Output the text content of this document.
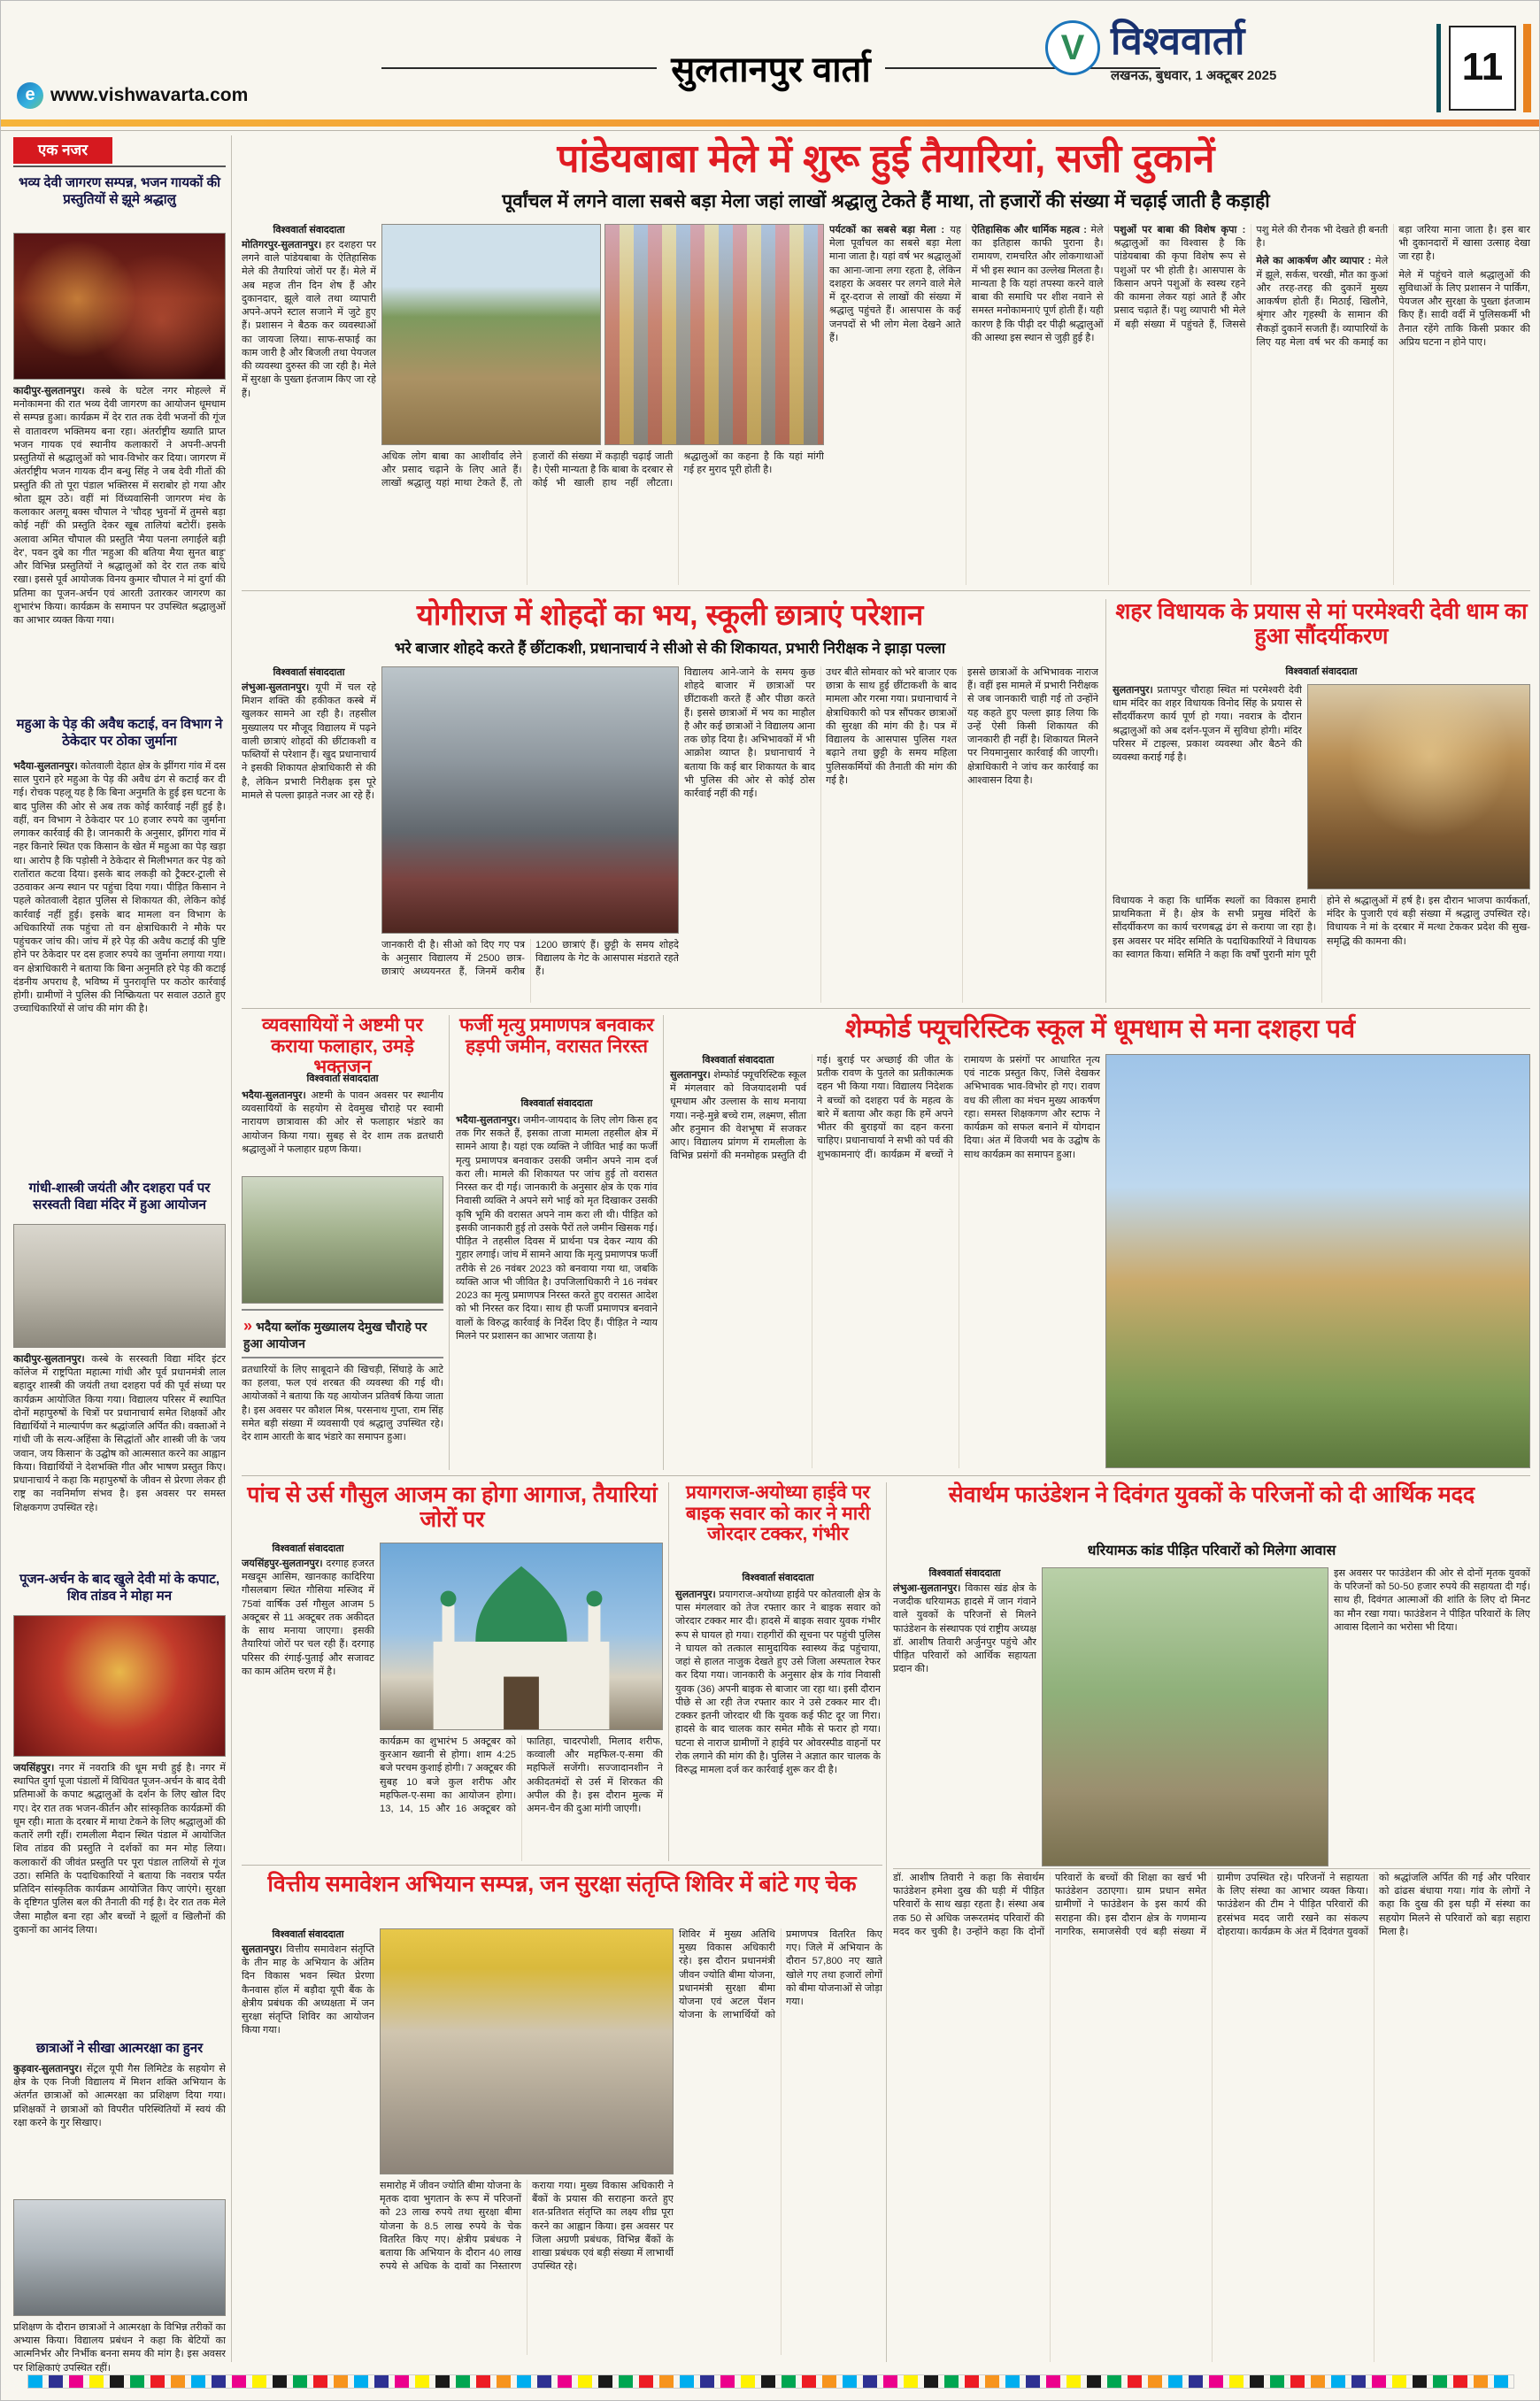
e www.vishwavarta.com
सुलतानपुर वार्ता
V विश्ववार्ता
लखनऊ, बुधवार, 1 अक्टूबर 2025	11
एक नजर
भव्य देवी जागरण सम्पन्न, भजन गायकों की प्रस्तुतियों से झूमे श्रद्धालु

कादीपुर-सुलतानपुर। कस्बे के घटेल नगर मोहल्ले में मनोकामना की रात भव्य देवी जागरण का आयोजन धूमधाम से सम्पन्न हुआ। कार्यक्रम में देर रात तक देवी भजनों की गूंज से वातावरण भक्तिमय बना रहा। अंतर्राष्ट्रीय ख्याति प्राप्त भजन गायक एवं स्थानीय कलाकारों ने अपनी-अपनी प्रस्तुतियों से श्रद्धालुओं को भाव-विभोर कर दिया। जागरण में अंतर्राष्ट्रीय भजन गायक दीन बन्धु सिंह ने जब देवी गीतों की प्रस्तुति की तो पूरा पंडाल भक्तिरस में सराबोर हो गया और श्रोता झूम उठे। वहीं मां विंध्यवासिनी जागरण मंच के कलाकार अलगू बक्स चौपाल ने 'चौदह भुवनों में तुमसे बड़ा कोई नहीं' की प्रस्तुति देकर खूब तालियां बटोरीं। इसके अलावा अमित चौपाल की प्रस्तुति 'मैया पलना लगाईले बड़ी देर', पवन दुबे का गीत 'महुआ की बतिया मैया सुनत बाड़ू' और विभिन्न प्रस्तुतियों ने श्रद्धालुओं को देर रात तक बांधे रखा। इससे पूर्व आयोजक विनय कुमार चौपाल ने मां दुर्गा की प्रतिमा का पूजन-अर्चन एवं आरती उतारकर जागरण का शुभारंभ किया। कार्यक्रम के समापन पर उपस्थित श्रद्धालुओं का आभार व्यक्त किया गया।

महुआ के पेड़ की अवैध कटाई, वन विभाग ने ठेकेदार पर ठोका जुर्माना

भदैया-सुलतानपुर। कोतवाली देहात क्षेत्र के झींगरा गांव में दस साल पुराने हरे महुआ के पेड़ की अवैध ढंग से कटाई कर दी गई। रोचक पहलू यह है कि बिना अनुमति के हुई इस घटना के बाद पुलिस की ओर से अब तक कोई कार्रवाई नहीं हुई है। वहीं, वन विभाग ने ठेकेदार पर 10 हजार रुपये का जुर्माना लगाकर कार्रवाई की है। जानकारी के अनुसार, झींगरा गांव में नहर किनारे स्थित एक किसान के खेत में महुआ का पेड़ खड़ा था। आरोप है कि पड़ोसी ने ठेकेदार से मिलीभगत कर पेड़ को रातोंरात कटवा दिया। इसके बाद लकड़ी को ट्रैक्टर-ट्राली से उठवाकर अन्य स्थान पर पहुंचा दिया गया। पीड़ित किसान ने पहले कोतवाली देहात पुलिस से शिकायत की, लेकिन कोई कार्रवाई नहीं हुई। इसके बाद मामला वन विभाग के अधिकारियों तक पहुंचा तो वन क्षेत्राधिकारी ने मौके पर पहुंचकर जांच की। जांच में हरे पेड़ की अवैध कटाई की पुष्टि होने पर ठेकेदार पर दस हजार रुपये का जुर्माना लगाया गया। वन क्षेत्राधिकारी ने बताया कि बिना अनुमति हरे पेड़ की कटाई दंडनीय अपराध है, भविष्य में पुनरावृत्ति पर कठोर कार्रवाई होगी। ग्रामीणों ने पुलिस की निष्क्रियता पर सवाल उठाते हुए उच्चाधिकारियों से जांच की मांग की है।

गांधी-शास्त्री जयंती और दशहरा पर्व पर सरस्वती विद्या मंदिर में हुआ आयोजन

कादीपुर-सुलतानपुर। कस्बे के सरस्वती विद्या मंदिर इंटर कॉलेज में राष्ट्रपिता महात्मा गांधी और पूर्व प्रधानमंत्री लाल बहादुर शास्त्री की जयंती तथा दशहरा पर्व की पूर्व संध्या पर कार्यक्रम आयोजित किया गया। विद्यालय परिसर में स्थापित दोनों महापुरुषों के चित्रों पर प्रधानाचार्य समेत शिक्षकों और विद्यार्थियों ने माल्यार्पण कर श्रद्धांजलि अर्पित की। वक्ताओं ने गांधी जी के सत्य-अहिंसा के सिद्धांतों और शास्त्री जी के 'जय जवान, जय किसान' के उद्घोष को आत्मसात करने का आह्वान किया। विद्यार्थियों ने देशभक्ति गीत और भाषण प्रस्तुत किए। प्रधानाचार्य ने कहा कि महापुरुषों के जीवन से प्रेरणा लेकर ही राष्ट्र का नवनिर्माण संभव है। इस अवसर पर समस्त शिक्षकगण उपस्थित रहे।

पूजन-अर्चन के बाद खुले देवी मां के कपाट, शिव तांडव ने मोहा मन

जयसिंहपुर। नगर में नवरात्रि की धूम मची हुई है। नगर में स्थापित दुर्गा पूजा पंडालों में विधिवत पूजन-अर्चन के बाद देवी प्रतिमाओं के कपाट श्रद्धालुओं के दर्शन के लिए खोल दिए गए। देर रात तक भजन-कीर्तन और सांस्कृतिक कार्यक्रमों की धूम रही। माता के दरबार में माथा टेकने के लिए श्रद्धालुओं की कतारें लगी रहीं। रामलीला मैदान स्थित पंडाल में आयोजित शिव तांडव की प्रस्तुति ने दर्शकों का मन मोह लिया। कलाकारों की जीवंत प्रस्तुति पर पूरा पंडाल तालियों से गूंज उठा। समिति के पदाधिकारियों ने बताया कि नवरात्र पर्यंत प्रतिदिन सांस्कृतिक कार्यक्रम आयोजित किए जाएंगे। सुरक्षा के दृष्टिगत पुलिस बल की तैनाती की गई है। देर रात तक मेले जैसा माहौल बना रहा और बच्चों ने झूलों व खिलौनों की दुकानों का आनंद लिया।

छात्राओं ने सीखा आत्मरक्षा का हुनर

कुड़वार-सुलतानपुर। सेंट्रल यूपी गैस लिमिटेड के सहयोग से क्षेत्र के एक निजी विद्यालय में मिशन शक्ति अभियान के अंतर्गत छात्राओं को आत्मरक्षा का प्रशिक्षण दिया गया। प्रशिक्षकों ने छात्राओं को विपरीत परिस्थितियों में स्वयं की रक्षा करने के गुर सिखाए।

प्रशिक्षण के दौरान छात्राओं ने आत्मरक्षा के विभिन्न तरीकों का अभ्यास किया। विद्यालय प्रबंधन ने कहा कि बेटियों का आत्मनिर्भर और निर्भीक बनना समय की मांग है। इस अवसर पर शिक्षिकाएं उपस्थित रहीं।

पांडेयबाबा मेले में शुरू हुई तैयारियां, सजी दुकानें
पूर्वांचल में लगने वाला सबसे बड़ा मेला जहां लाखों श्रद्धालु टेकते हैं माथा, तो हजारों की संख्या में चढ़ाई जाती है कड़ाही
विश्ववार्ता संवाददाता

मोतिगरपुर-सुलतानपुर। हर दशहरा पर लगने वाले पांडेयबाबा के ऐतिहासिक मेले की तैयारियां जोरों पर हैं। मेले में अब महज तीन दिन शेष हैं और दुकानदार, झूले वाले तथा व्यापारी अपने-अपने स्टाल सजाने में जुटे हुए हैं। प्रशासन ने बैठक कर व्यवस्थाओं का जायजा लिया। साफ-सफाई का काम जारी है और बिजली तथा पेयजल की व्यवस्था दुरुस्त की जा रही है। मेले में सुरक्षा के पुख्ता इंतजाम किए जा रहे हैं।

अधिक लोग बाबा का आशीर्वाद लेने और प्रसाद चढ़ाने के लिए आते हैं। लाखों श्रद्धालु यहां माथा टेकते हैं, तो हजारों की संख्या में कड़ाही चढ़ाई जाती है। ऐसी मान्यता है कि बाबा के दरबार से कोई भी खाली हाथ नहीं लौटता। श्रद्धालुओं का कहना है कि यहां मांगी गई हर मुराद पूरी होती है।

पर्यटकों का सबसे बड़ा मेला : यह मेला पूर्वांचल का सबसे बड़ा मेला माना जाता है। यहां वर्ष भर श्रद्धालुओं का आना-जाना लगा रहता है, लेकिन दशहरा के अवसर पर लगने वाले मेले में दूर-दराज से लाखों की संख्या में श्रद्धालु पहुंचते हैं। आसपास के कई जनपदों से भी लोग मेला देखने आते हैं।

ऐतिहासिक और धार्मिक महत्व : मेले का इतिहास काफी पुराना है। रामायण, रामचरित और लोकगाथाओं में भी इस स्थान का उल्लेख मिलता है। मान्यता है कि यहां तपस्या करने वाले बाबा की समाधि पर शीश नवाने से समस्त मनोकामनाएं पूर्ण होती हैं। यही कारण है कि पीढ़ी दर पीढ़ी श्रद्धालुओं की आस्था इस स्थान से जुड़ी हुई है।

पशुओं पर बाबा की विशेष कृपा : श्रद्धालुओं का विश्वास है कि पांडेयबाबा की कृपा विशेष रूप से पशुओं पर भी होती है। आसपास के किसान अपने पशुओं के स्वस्थ रहने की कामना लेकर यहां आते हैं और प्रसाद चढ़ाते हैं। पशु व्यापारी भी मेले में बड़ी संख्या में पहुंचते हैं, जिससे पशु मेले की रौनक भी देखते ही बनती है।

मेले का आकर्षण और व्यापार : मेले में झूले, सर्कस, चरखी, मौत का कुआं और तरह-तरह की दुकानें मुख्य आकर्षण होती हैं। मिठाई, खिलौने, श्रृंगार और गृहस्थी के सामान की सैकड़ों दुकानें सजती हैं। व्यापारियों के लिए यह मेला वर्ष भर की कमाई का बड़ा जरिया माना जाता है। इस बार भी दुकानदारों में खासा उत्साह देखा जा रहा है।

मेले में पहुंचने वाले श्रद्धालुओं की सुविधाओं के लिए प्रशासन ने पार्किंग, पेयजल और सुरक्षा के पुख्ता इंतजाम किए हैं। सादी वर्दी में पुलिसकर्मी भी तैनात रहेंगे ताकि किसी प्रकार की अप्रिय घटना न होने पाए।

योगीराज में शोहदों का भय, स्कूली छात्राएं परेशान
भरे बाजार शोहदे करते हैं छींटाकशी, प्रधानाचार्य ने सीओ से की शिकायत, प्रभारी निरीक्षक ने झाड़ा पल्ला
विश्ववार्ता संवाददाता

लंभुआ-सुलतानपुर। यूपी में चल रहे मिशन शक्ति की हकीकत कस्बे में खुलकर सामने आ रही है। तहसील मुख्यालय पर मौजूद विद्यालय में पढ़ने वाली छात्राएं शोहदों की छींटाकशी व फब्तियों से परेशान हैं। खुद प्रधानाचार्य ने इसकी शिकायत क्षेत्राधिकारी से की है, लेकिन प्रभारी निरीक्षक इस पूरे मामले से पल्ला झाड़ते नजर आ रहे हैं।

जानकारी दी है। सीओ को दिए गए पत्र के अनुसार विद्यालय में 2500 छात्र-छात्राएं अध्ययनरत हैं, जिनमें करीब 1200 छात्राएं हैं। छुट्टी के समय शोहदे विद्यालय के गेट के आसपास मंडराते रहते हैं।

विद्यालय आने-जाने के समय कुछ शोहदे बाजार में छात्राओं पर छींटाकशी करते हैं और पीछा करते हैं। इससे छात्राओं में भय का माहौल है और कई छात्राओं ने विद्यालय आना तक छोड़ दिया है। अभिभावकों में भी आक्रोश व्याप्त है। प्रधानाचार्य ने बताया कि कई बार शिकायत के बाद भी पुलिस की ओर से कोई ठोस कार्रवाई नहीं की गई।

उधर बीते सोमवार को भरे बाजार एक छात्रा के साथ हुई छींटाकशी के बाद मामला और गरमा गया। प्रधानाचार्य ने क्षेत्राधिकारी को पत्र सौंपकर छात्राओं की सुरक्षा की मांग की है। पत्र में विद्यालय के आसपास पुलिस गश्त बढ़ाने तथा छुट्टी के समय महिला पुलिसकर्मियों की तैनाती की मांग की गई है।

इससे छात्राओं के अभिभावक नाराज हैं। वहीं इस मामले में प्रभारी निरीक्षक से जब जानकारी चाही गई तो उन्होंने यह कहते हुए पल्ला झाड़ लिया कि उन्हें ऐसी किसी शिकायत की जानकारी ही नहीं है। शिकायत मिलने पर नियमानुसार कार्रवाई की जाएगी। क्षेत्राधिकारी ने जांच कर कार्रवाई का आश्वासन दिया है।

शहर विधायक के प्रयास से मां परमेश्वरी देवी धाम का हुआ सौंदर्यीकरण
विश्ववार्ता संवाददाता

सुलतानपुर। प्रतापपुर चौराहा स्थित मां परमेश्वरी देवी धाम मंदिर का शहर विधायक विनोद सिंह के प्रयास से सौंदर्यीकरण कार्य पूर्ण हो गया। नवरात्र के दौरान श्रद्धालुओं को अब दर्शन-पूजन में सुविधा होगी। मंदिर परिसर में टाइल्स, प्रकाश व्यवस्था और बैठने की व्यवस्था कराई गई है।

विधायक ने कहा कि धार्मिक स्थलों का विकास हमारी प्राथमिकता में है। क्षेत्र के सभी प्रमुख मंदिरों के सौंदर्यीकरण का कार्य चरणबद्ध ढंग से कराया जा रहा है। इस अवसर पर मंदिर समिति के पदाधिकारियों ने विधायक का स्वागत किया। समिति ने कहा कि वर्षों पुरानी मांग पूरी होने से श्रद्धालुओं में हर्ष है। इस दौरान भाजपा कार्यकर्ता, मंदिर के पुजारी एवं बड़ी संख्या में श्रद्धालु उपस्थित रहे। विधायक ने मां के दरबार में मत्था टेककर प्रदेश की सुख-समृद्धि की कामना की।

व्यवसायियों ने अष्टमी पर कराया फलाहार, उमड़े भक्तजन
विश्ववार्ता संवाददाता

भदैया-सुलतानपुर। अष्टमी के पावन अवसर पर स्थानीय व्यवसायियों के सहयोग से देवमुख चौराहे पर स्वामी नारायण छात्रावास की ओर से फलाहार भंडारे का आयोजन किया गया। सुबह से देर शाम तक व्रतधारी श्रद्धालुओं ने फलाहार ग्रहण किया।

» भदैया ब्लॉक मुख्यालय देमुख चौराहे पर हुआ आयोजन

व्रतधारियों के लिए साबूदाने की खिचड़ी, सिंघाड़े के आटे का हलवा, फल एवं शरबत की व्यवस्था की गई थी। आयोजकों ने बताया कि यह आयोजन प्रतिवर्ष किया जाता है। इस अवसर पर कौशल मिश्र, परसनाथ गुप्ता, राम सिंह समेत बड़ी संख्या में व्यवसायी एवं श्रद्धालु उपस्थित रहे। देर शाम आरती के बाद भंडारे का समापन हुआ।

फर्जी मृत्यु प्रमाणपत्र बनवाकर हड़पी जमीन, वरासत निरस्त
विश्ववार्ता संवाददाता

भदैया-सुलतानपुर। जमीन-जायदाद के लिए लोग किस हद तक गिर सकते हैं, इसका ताजा मामला तहसील क्षेत्र में सामने आया है। यहां एक व्यक्ति ने जीवित भाई का फर्जी मृत्यु प्रमाणपत्र बनवाकर उसकी जमीन अपने नाम दर्ज करा ली। मामले की शिकायत पर जांच हुई तो वरासत निरस्त कर दी गई। जानकारी के अनुसार क्षेत्र के एक गांव निवासी व्यक्ति ने अपने सगे भाई को मृत दिखाकर उसकी कृषि भूमि की वरासत अपने नाम करा ली थी। पीड़ित को इसकी जानकारी हुई तो उसके पैरों तले जमीन खिसक गई। पीड़ित ने तहसील दिवस में प्रार्थना पत्र देकर न्याय की गुहार लगाई। जांच में सामने आया कि मृत्यु प्रमाणपत्र फर्जी तरीके से 26 नवंबर 2023 को बनवाया गया था, जबकि व्यक्ति आज भी जीवित है। उपजिलाधिकारी ने 16 नवंबर 2023 का मृत्यु प्रमाणपत्र निरस्त करते हुए वरासत आदेश को भी निरस्त कर दिया। साथ ही फर्जी प्रमाणपत्र बनवाने वालों के विरुद्ध कार्रवाई के निर्देश दिए हैं। पीड़ित ने न्याय मिलने पर प्रशासन का आभार जताया है।

शेम्फोर्ड फ्यूचरिस्टिक स्कूल में धूमधाम से मना दशहरा पर्व
विश्ववार्ता संवाददाता

सुलतानपुर। शेम्फोर्ड फ्यूचरिस्टिक स्कूल में मंगलवार को विजयादशमी पर्व धूमधाम और उल्लास के साथ मनाया गया। नन्हे-मुन्ने बच्चे राम, लक्ष्मण, सीता और हनुमान की वेशभूषा में सजकर आए। विद्यालय प्रांगण में रामलीला के विभिन्न प्रसंगों की मनमोहक प्रस्तुति दी गई। बुराई पर अच्छाई की जीत के प्रतीक रावण के पुतले का प्रतीकात्मक दहन भी किया गया। विद्यालय निदेशक ने बच्चों को दशहरा पर्व के महत्व के बारे में बताया और कहा कि हमें अपने भीतर की बुराइयों का दहन करना चाहिए। प्रधानाचार्या ने सभी को पर्व की शुभकामनाएं दीं। कार्यक्रम में बच्चों ने रामायण के प्रसंगों पर आधारित नृत्य एवं नाटक प्रस्तुत किए, जिसे देखकर अभिभावक भाव-विभोर हो गए। रावण वध की लीला का मंचन मुख्य आकर्षण रहा। समस्त शिक्षकगण और स्टाफ ने कार्यक्रम को सफल बनाने में योगदान दिया। अंत में विजयी भव के उद्घोष के साथ कार्यक्रम का समापन हुआ।

पांच से उर्स गौसुल आजम का होगा आगाज, तैयारियां जोरों पर
विश्ववार्ता संवाददाता

जयसिंहपुर-सुलतानपुर। दरगाह हजरत मखदूम आसिम, खानकाह कादिरिया गौसलबाग स्थित गौसिया मस्जिद में 75वां वार्षिक उर्स गौसुल आजम 5 अक्टूबर से 11 अक्टूबर तक अकीदत के साथ मनाया जाएगा। इसकी तैयारियां जोरों पर चल रही हैं। दरगाह परिसर की रंगाई-पुताई और सजावट का काम अंतिम चरण में है।

कार्यक्रम का शुभारंभ 5 अक्टूबर को कुरआन ख्वानी से होगा। शाम 4:25 बजे परचम कुशाई होगी। 7 अक्टूबर की सुबह 10 बजे कुल शरीफ और महफिल-ए-समा का आयोजन होगा। 13, 14, 15 और 16 अक्टूबर को फातिहा, चादरपोशी, मिलाद शरीफ, कव्वाली और महफिल-ए-समा की महफिलें सजेंगी। सज्जादानशीन ने अकीदतमंदों से उर्स में शिरकत की अपील की है। इस दौरान मुल्क में अमन-चैन की दुआ मांगी जाएगी।

प्रयागराज-अयोध्या हाईवे पर बाइक सवार को कार ने मारी जोरदार टक्कर, गंभीर
विश्ववार्ता संवाददाता

सुलतानपुर। प्रयागराज-अयोध्या हाईवे पर कोतवाली क्षेत्र के पास मंगलवार को तेज रफ्तार कार ने बाइक सवार को जोरदार टक्कर मार दी। हादसे में बाइक सवार युवक गंभीर रूप से घायल हो गया। राहगीरों की सूचना पर पहुंची पुलिस ने घायल को तत्काल सामुदायिक स्वास्थ्य केंद्र पहुंचाया, जहां से हालत नाजुक देखते हुए उसे जिला अस्पताल रेफर कर दिया गया। जानकारी के अनुसार क्षेत्र के गांव निवासी युवक (36) अपनी बाइक से बाजार जा रहा था। इसी दौरान पीछे से आ रही तेज रफ्तार कार ने उसे टक्कर मार दी। टक्कर इतनी जोरदार थी कि युवक कई फीट दूर जा गिरा। हादसे के बाद चालक कार समेत मौके से फरार हो गया। घटना से नाराज ग्रामीणों ने हाईवे पर ओवरस्पीड वाहनों पर रोक लगाने की मांग की है। पुलिस ने अज्ञात कार चालक के विरुद्ध मामला दर्ज कर कार्रवाई शुरू कर दी है।

सेवार्थम फाउंडेशन ने दिवंगत युवकों के परिजनों को दी आर्थिक मदद
धरियामऊ कांड पीड़ित परिवारों को मिलेगा आवास
विश्ववार्ता संवाददाता

लंभुआ-सुलतानपुर। विकास खंड क्षेत्र के नजदीक धरियामऊ हादसे में जान गंवाने वाले युवकों के परिजनों से मिलने फाउंडेशन के संस्थापक एवं राष्ट्रीय अध्यक्ष डॉ. आशीष तिवारी अर्जुनपुर पहुंचे और पीड़ित परिवारों को आर्थिक सहायता प्रदान की।

इस अवसर पर फाउंडेशन की ओर से दोनों मृतक युवकों के परिजनों को 50-50 हजार रुपये की सहायता दी गई। साथ ही, दिवंगत आत्माओं की शांति के लिए दो मिनट का मौन रखा गया। फाउंडेशन ने पीड़ित परिवारों के लिए आवास दिलाने का भरोसा भी दिया।

डॉ. आशीष तिवारी ने कहा कि सेवार्थम फाउंडेशन हमेशा दुख की घड़ी में पीड़ित परिवारों के साथ खड़ा रहता है। संस्था अब तक 50 से अधिक जरूरतमंद परिवारों की मदद कर चुकी है। उन्होंने कहा कि दोनों परिवारों के बच्चों की शिक्षा का खर्च भी फाउंडेशन उठाएगा। ग्राम प्रधान समेत ग्रामीणों ने फाउंडेशन के इस कार्य की सराहना की। इस दौरान क्षेत्र के गणमान्य नागरिक, समाजसेवी एवं बड़ी संख्या में ग्रामीण उपस्थित रहे। परिजनों ने सहायता के लिए संस्था का आभार व्यक्त किया। फाउंडेशन की टीम ने पीड़ित परिवारों की हरसंभव मदद जारी रखने का संकल्प दोहराया। कार्यक्रम के अंत में दिवंगत युवकों को श्रद्धांजलि अर्पित की गई और परिवार को ढांढस बंधाया गया। गांव के लोगों ने कहा कि दुख की इस घड़ी में संस्था का सहयोग मिलने से परिवारों को बड़ा सहारा मिला है।

वित्तीय समावेशन अभियान सम्पन्न, जन सुरक्षा संतृप्ति शिविर में बांटे गए चेक
विश्ववार्ता संवाददाता

सुलतानपुर। वित्तीय समावेशन संतृप्ति के तीन माह के अभियान के अंतिम दिन विकास भवन स्थित प्रेरणा कैनवास हॉल में बड़ौदा यूपी बैंक के क्षेत्रीय प्रबंधक की अध्यक्षता में जन सुरक्षा संतृप्ति शिविर का आयोजन किया गया।

शिविर में मुख्य अतिथि मुख्य विकास अधिकारी रहे। इस दौरान प्रधानमंत्री जीवन ज्योति बीमा योजना, प्रधानमंत्री सुरक्षा बीमा योजना एवं अटल पेंशन योजना के लाभार्थियों को प्रमाणपत्र वितरित किए गए। जिले में अभियान के दौरान 57,800 नए खाते खोले गए तथा हजारों लोगों को बीमा योजनाओं से जोड़ा गया।

समारोह में जीवन ज्योति बीमा योजना के मृतक दावा भुगतान के रूप में परिजनों को 23 लाख रुपये तथा सुरक्षा बीमा योजना के 8.5 लाख रुपये के चेक वितरित किए गए। क्षेत्रीय प्रबंधक ने बताया कि अभियान के दौरान 40 लाख रुपये से अधिक के दावों का निस्तारण कराया गया। मुख्य विकास अधिकारी ने बैंकों के प्रयास की सराहना करते हुए शत-प्रतिशत संतृप्ति का लक्ष्य शीघ्र पूरा करने का आह्वान किया। इस अवसर पर जिला अग्रणी प्रबंधक, विभिन्न बैंकों के शाखा प्रबंधक एवं बड़ी संख्या में लाभार्थी उपस्थित रहे।
